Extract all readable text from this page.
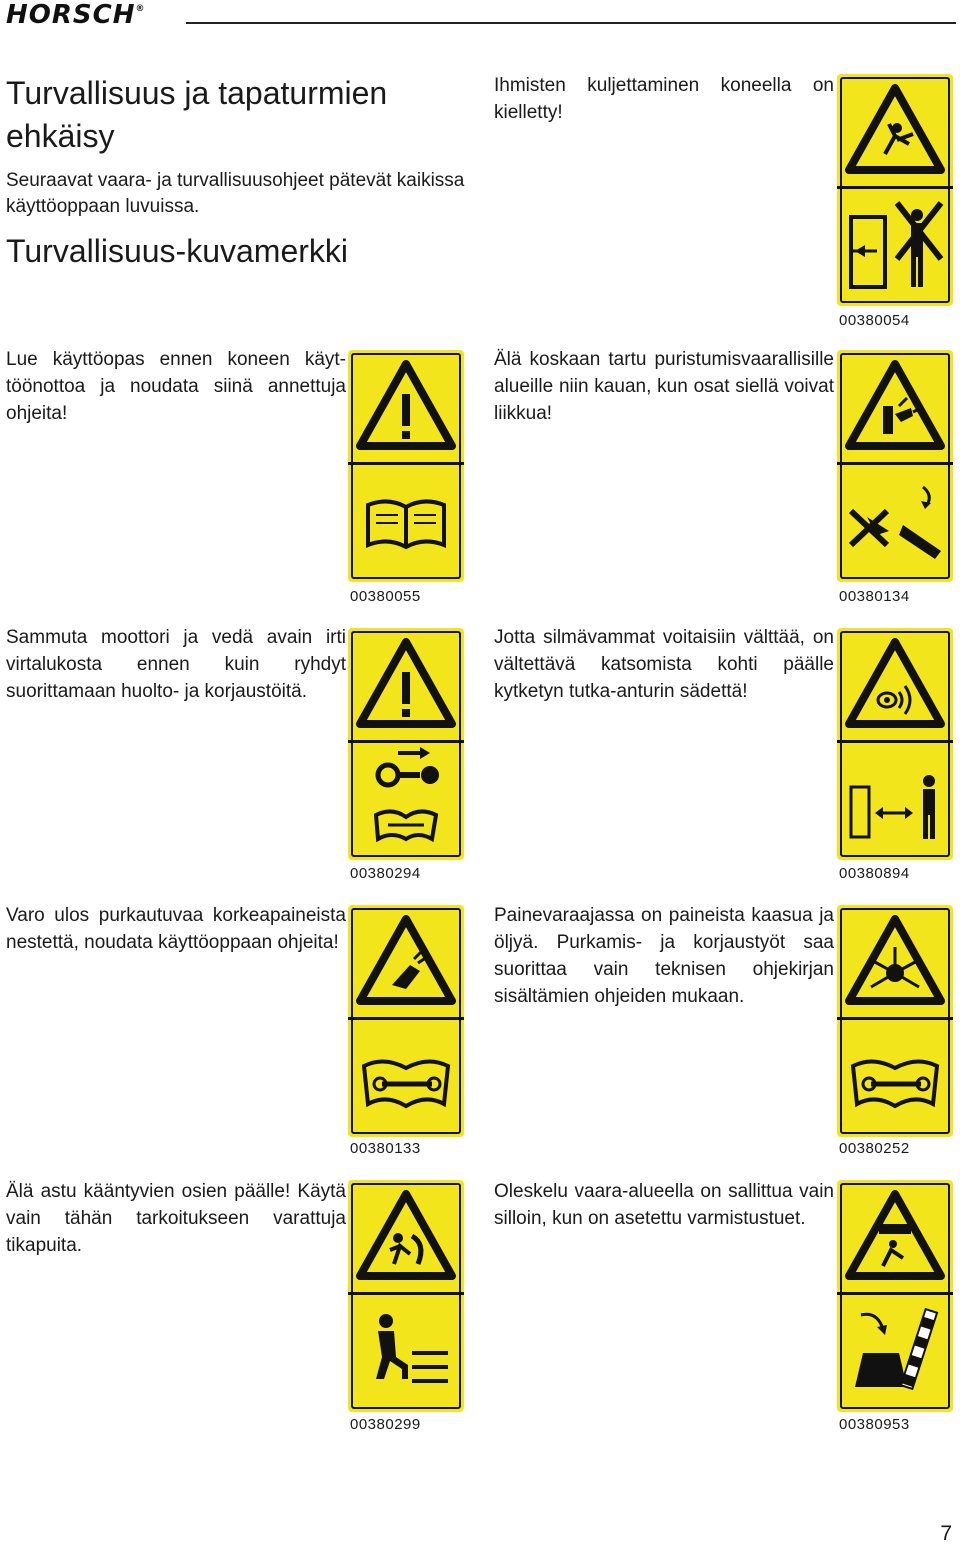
HORSCH®
Turvallisuus ja tapaturmien ehkäisy
Seuraavat vaara- ja turvallisuusohjeet pätevät kaikissa käyttöoppaan luvuissa.
Turvallisuus-kuvamerkki
Lue käyttöopas ennen koneen käyttöönottoa ja noudata siinä annettuja ohjeita!
Ihmisten kuljettaminen koneella on kielletty!
Sammuta moottori ja vedä avain irti virtalukosta ennen kuin ryhdyt suorittamaan huolto- ja korjaustöitä.
Älä koskaan tartu puristumisvaarallisille alueille niin kauan, kun osat siellä voivat liikkua!
Varo ulos purkautuvaa korkeapaineista nestettä, noudata käyttöoppaan ohjeita!
Jotta silmävammat voitaisiin välttää, on vältettävä katsomista kohti päälle kytketyn tutka-anturin sädettä!
Älä astu kääntyvien osien päälle! Käytä vain tähän tarkoitukseen varattuja tikapuita.
Painevaraajassa on paineista kaasua ja öljyä. Purkamis- ja korjaustyöt saa suorittaa vain teknisen ohjekirjan sisältämien ohjeiden mukaan.
Oleskelu vaara-alueella on sallittua vain silloin, kun on asetettu varmistustuet.
00380055
00380054
00380294
00380134
00380133
00380894
00380299
00380252
00380953
7
